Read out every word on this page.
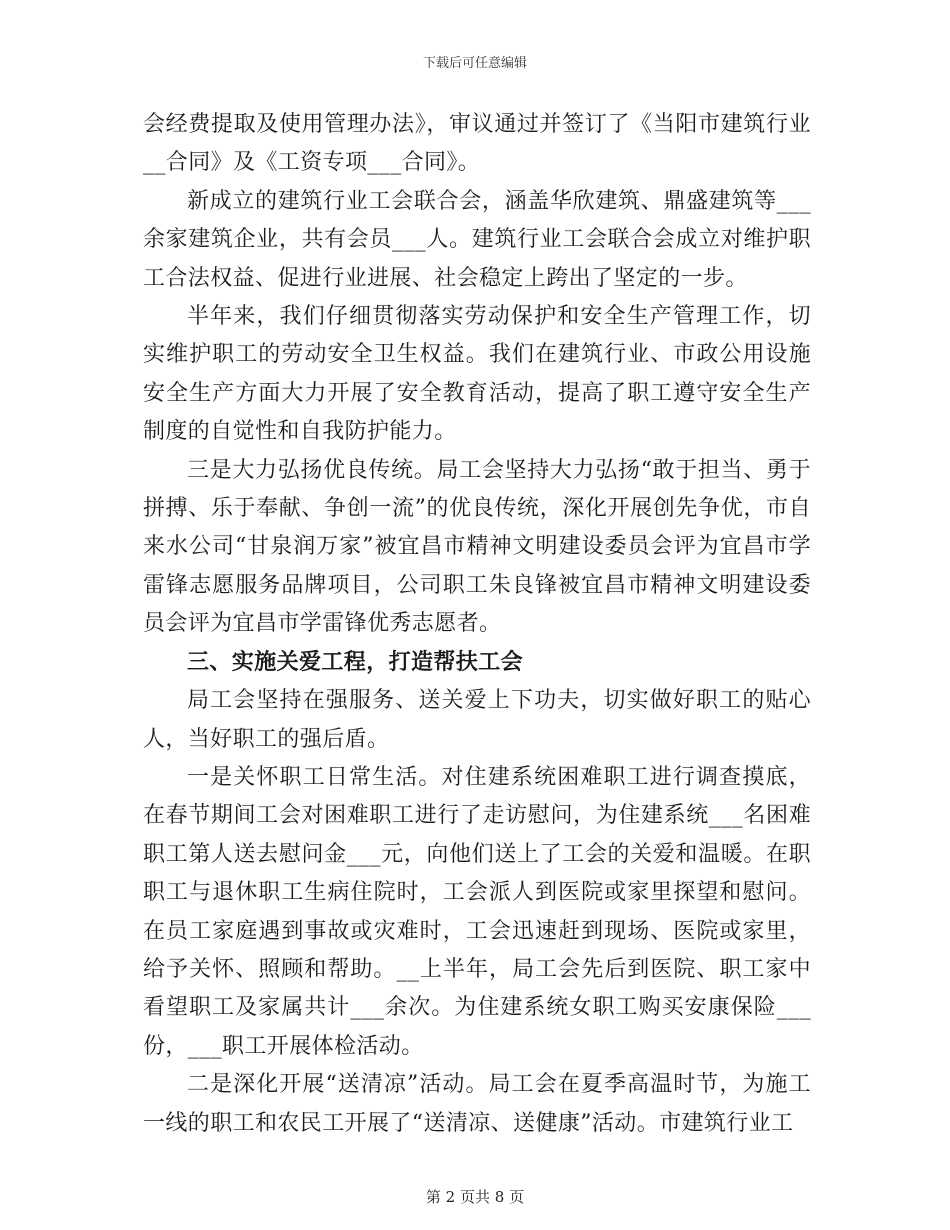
下载后可任意编辑

会经费提取及使用管理办法》，审议通过并签订了《当阳市建筑行业__合同》及《工资专项___合同》。

新成立的建筑行业工会联合会，涵盖华欣建筑、鼎盛建筑等___余家建筑企业，共有会员___人。建筑行业工会联合会成立对维护职工合法权益、促进行业进展、社会稳定上跨出了坚定的一步。

半年来，我们仔细贯彻落实劳动保护和安全生产管理工作，切实维护职工的劳动安全卫生权益。我们在建筑行业、市政公用设施安全生产方面大力开展了安全教育活动，提高了职工遵守安全生产制度的自觉性和自我防护能力。

三是大力弘扬优良传统。局工会坚持大力弘扬“敢于担当、勇于拼搏、乐于奉献、争创一流”的优良传统，深化开展创先争优，市自来水公司“甘泉润万家”被宜昌市精神文明建设委员会评为宜昌市学雷锋志愿服务品牌项目，公司职工朱良锋被宜昌市精神文明建设委员会评为宜昌市学雷锋优秀志愿者。

三、实施关爱工程，打造帮扶工会

局工会坚持在强服务、送关爱上下功夫，切实做好职工的贴心人，当好职工的强后盾。

一是关怀职工日常生活。对住建系统困难职工进行调查摸底，在春节期间工会对困难职工进行了走访慰问，为住建系统___名困难职工第人送去慰问金___元，向他们送上了工会的关爱和温暖。在职职工与退休职工生病住院时，工会派人到医院或家里探望和慰问。在员工家庭遇到事故或灾难时，工会迅速赶到现场、医院或家里，给予关怀、照顾和帮助。__上半年，局工会先后到医院、职工家中看望职工及家属共计___余次。为住建系统女职工购买安康保险___份，___职工开展体检活动。

二是深化开展“送清凉”活动。局工会在夏季高温时节，为施工一线的职工和农民工开展了“送清凉、送健康”活动。市建筑行业工

第 2 页共 8 页
